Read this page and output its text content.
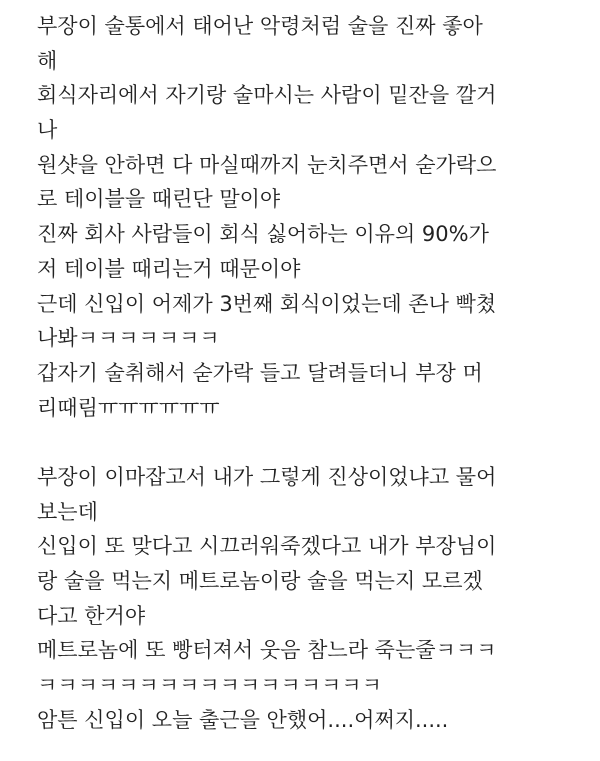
부장이 술통에서 태어난 악령처럼 술을 진짜 좋아
해
회식자리에서 자기랑 술마시는 사람이 밑잔을 깔거
나
원샷을 안하면 다 마실때까지 눈치주면서 숟가락으
로 테이블을 때린단 말이야
진짜 회사 사람들이 회식 싫어하는 이유의 90%가
저 테이블 때리는거 때문이야
근데 신입이 어제가 3번째 회식이었는데 존나 빡쳤
나봐ㅋㅋㅋㅋㅋㅋㅋ
갑자기 술취해서 숟가락 들고 달려들더니 부장 머
리때림ㅠㅠㅠㅠㅠㅠ
부장이 이마잡고서 내가 그렇게 진상이었냐고 물어
보는데
신입이 또 맞다고 시끄러워죽겠다고 내가 부장님이
랑 술을 먹는지 메트로놈이랑 술을 먹는지 모르겠
다고 한거야
메트로놈에 또 빵터져서 웃음 참느라 죽는줄ㅋㅋㅋ
ㅋㅋㅋㅋㅋㅋㅋㅋㅋㅋㅋㅋㅋㅋㅋㅋㅋ
암튼 신입이 오늘 출근을 안했어....어쩌지.....
